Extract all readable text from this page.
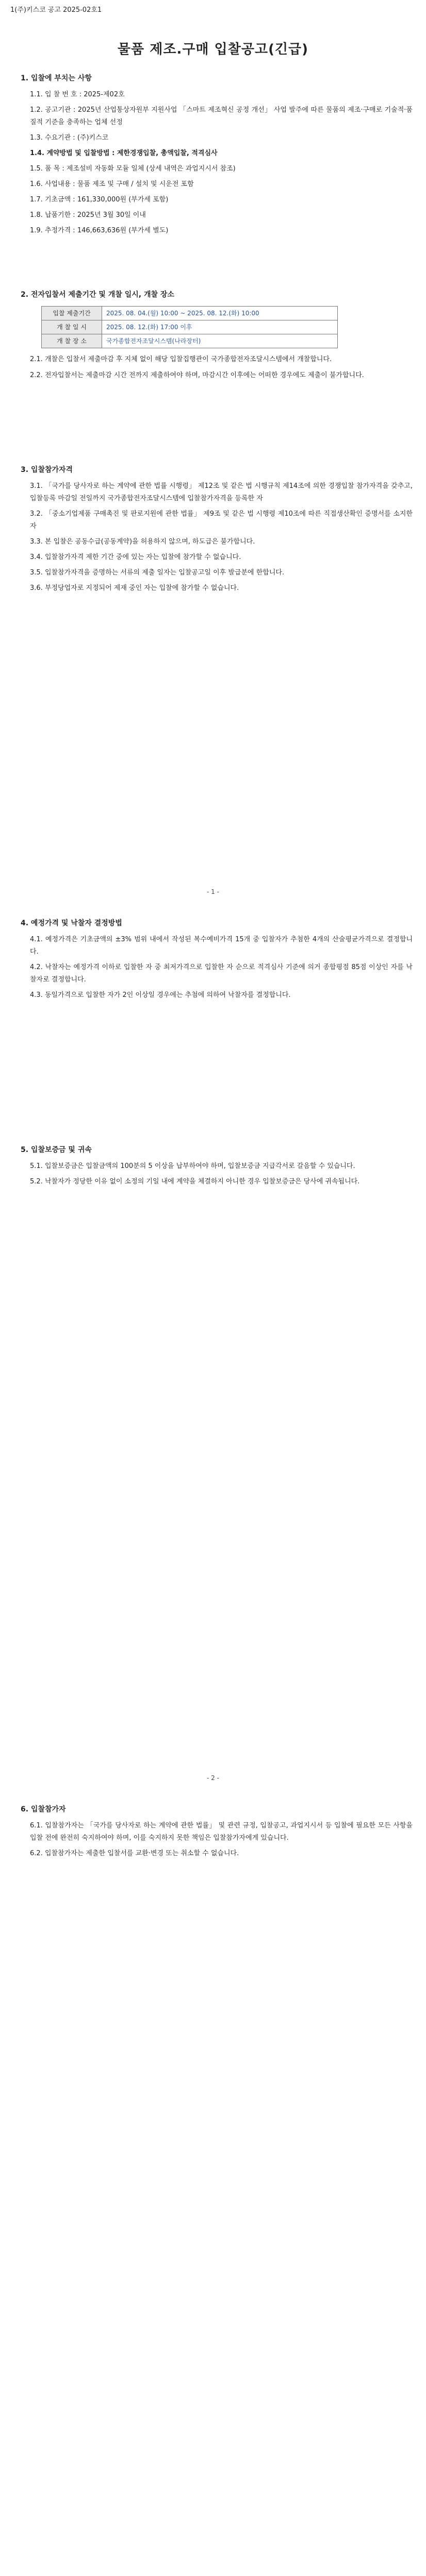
1(주)키스코 공고 2025-02호1
물품 제조.구매 입찰공고(긴급)
1. 입찰에 부치는 사항

1.1. 입 찰 번 호 : 2025-제02호

1.2. 공고기관 : 2025년 산업통상자원부 지원사업 「스마트 제조혁신 공정 개선」 사업 발주에 따른 물품의 제조·구매로 기술적·품질적 기준을 충족하는 업체 선정

1.3. 수요기관 : (주)키스코

1.4. 계약방법 및 입찰방법 : 제한경쟁입찰, 총액입찰, 적격심사

1.5. 품 목 : 제조설비 자동화 모듈 일체 (상세 내역은 과업지시서 참조)

1.6. 사업내용 : 물품 제조 및 구매 / 설치 및 시운전 포함

1.7. 기초금액 : 161,330,000원 (부가세 포함)

1.8. 납품기한 : 2025년 3월 30일 이내

1.9. 추정가격 : 146,663,636원 (부가세 별도)

2. 전자입찰서 제출기간 및 개찰 일시, 개찰 장소
입찰 제출기간	2025. 08. 04.(월) 10:00 ~ 2025. 08. 12.(화) 10:00
개 찰 일 시	2025. 08. 12.(화) 17:00 이후
개 찰 장 소	국가종합전자조달시스템(나라장터)

2.1. 개찰은 입찰서 제출마감 후 지체 없이 해당 입찰집행관이 국가종합전자조달시스템에서 개찰합니다.

2.2. 전자입찰서는 제출마감 시간 전까지 제출하여야 하며, 마감시간 이후에는 어떠한 경우에도 제출이 불가합니다.

3. 입찰참가자격

3.1. 「국가를 당사자로 하는 계약에 관한 법률 시행령」 제12조 및 같은 법 시행규칙 제14조에 의한 경쟁입찰 참가자격을 갖추고, 입찰등록 마감일 전일까지 국가종합전자조달시스템에 입찰참가자격을 등록한 자

3.2. 「중소기업제품 구매촉진 및 판로지원에 관한 법률」 제9조 및 같은 법 시행령 제10조에 따른 직접생산확인 증명서를 소지한 자

3.3. 본 입찰은 공동수급(공동계약)을 허용하지 않으며, 하도급은 불가합니다.

3.4. 입찰참가자격 제한 기간 중에 있는 자는 입찰에 참가할 수 없습니다.

3.5. 입찰참가자격을 증명하는 서류의 제출 일자는 입찰공고일 이후 발급분에 한합니다.

3.6. 부정당업자로 지정되어 제재 중인 자는 입찰에 참가할 수 없습니다.

- 1 -
4. 예정가격 및 낙찰자 결정방법

4.1. 예정가격은 기초금액의 ±3% 범위 내에서 작성된 복수예비가격 15개 중 입찰자가 추첨한 4개의 산술평균가격으로 결정합니다.

4.2. 낙찰자는 예정가격 이하로 입찰한 자 중 최저가격으로 입찰한 자 순으로 적격심사 기준에 의거 종합평점 85점 이상인 자를 낙찰자로 결정합니다.

4.3. 동일가격으로 입찰한 자가 2인 이상일 경우에는 추첨에 의하여 낙찰자를 결정합니다.

5. 입찰보증금 및 귀속

5.1. 입찰보증금은 입찰금액의 100분의 5 이상을 납부하여야 하며, 입찰보증금 지급각서로 갈음할 수 있습니다.

5.2. 낙찰자가 정당한 이유 없이 소정의 기일 내에 계약을 체결하지 아니한 경우 입찰보증금은 당사에 귀속됩니다.

- 2 -
6. 입찰참가자

6.1. 입찰참가자는 「국가를 당사자로 하는 계약에 관한 법률」 및 관련 규정, 입찰공고, 과업지시서 등 입찰에 필요한 모든 사항을 입찰 전에 완전히 숙지하여야 하며, 이를 숙지하지 못한 책임은 입찰참가자에게 있습니다.

6.2. 입찰참가자는 제출한 입찰서를 교환·변경 또는 취소할 수 없습니다.
